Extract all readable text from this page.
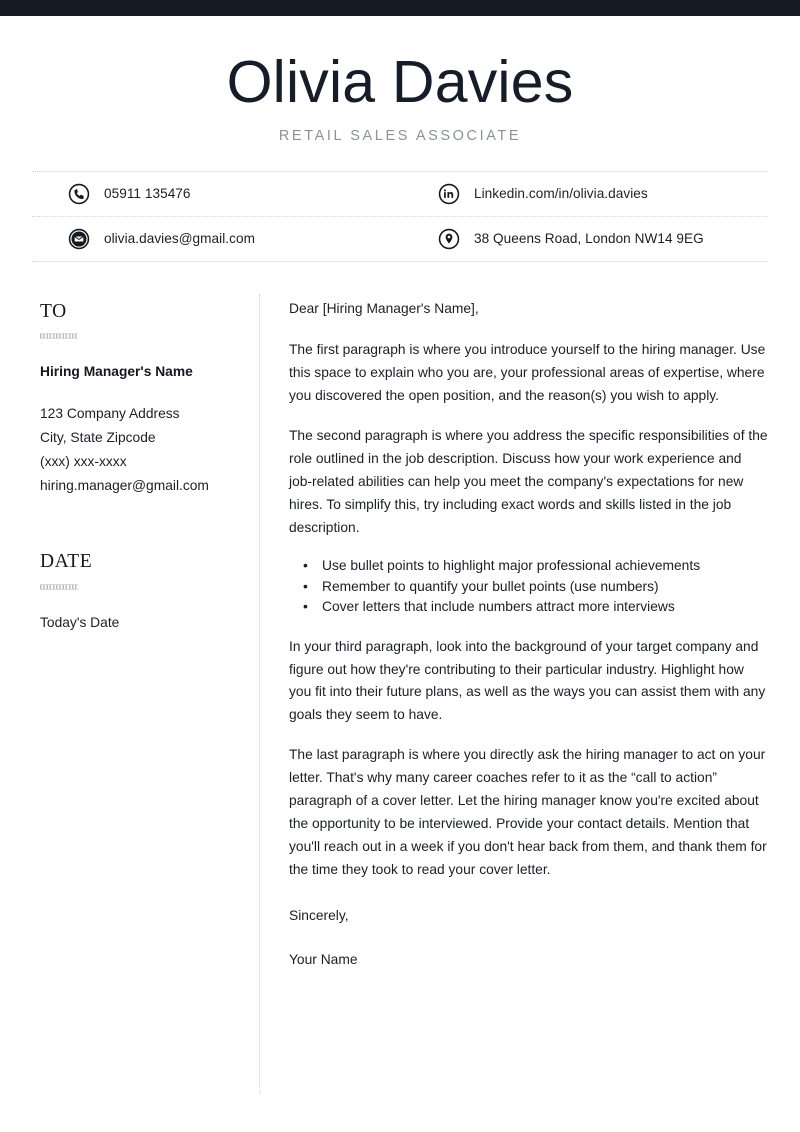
Olivia Davies
RETAIL SALES ASSOCIATE
05911 135476	Linkedin.com/in/olivia.davies
olivia.davies@gmail.com	38 Queens Road, London NW14 9EG
TO
Hiring Manager's Name
123 Company Address
City, State Zipcode
(xxx) xxx-xxxx
hiring.manager@gmail.com
DATE
Today's Date

Dear [Hiring Manager's Name],

The first paragraph is where you introduce yourself to the hiring manager. Use this space to explain who you are, your professional areas of expertise, where you discovered the open position, and the reason(s) you wish to apply.

The second paragraph is where you address the specific responsibilities of the role outlined in the job description. Discuss how your work experience and job-related abilities can help you meet the company's expectations for new hires. To simplify this, try including exact words and skills listed in the job description.

• Use bullet points to highlight major professional achievements
• Remember to quantify your bullet points (use numbers)
• Cover letters that include numbers attract more interviews

In your third paragraph, look into the background of your target company and figure out how they're contributing to their particular industry. Highlight how you fit into their future plans, as well as the ways you can assist them with any goals they seem to have.

The last paragraph is where you directly ask the hiring manager to act on your letter. That's why many career coaches refer to it as the “call to action” paragraph of a cover letter. Let the hiring manager know you're excited about the opportunity to be interviewed. Provide your contact details. Mention that you'll reach out in a week if you don't hear back from them, and thank them for the time they took to read your cover letter.

Sincerely,

Your Name
